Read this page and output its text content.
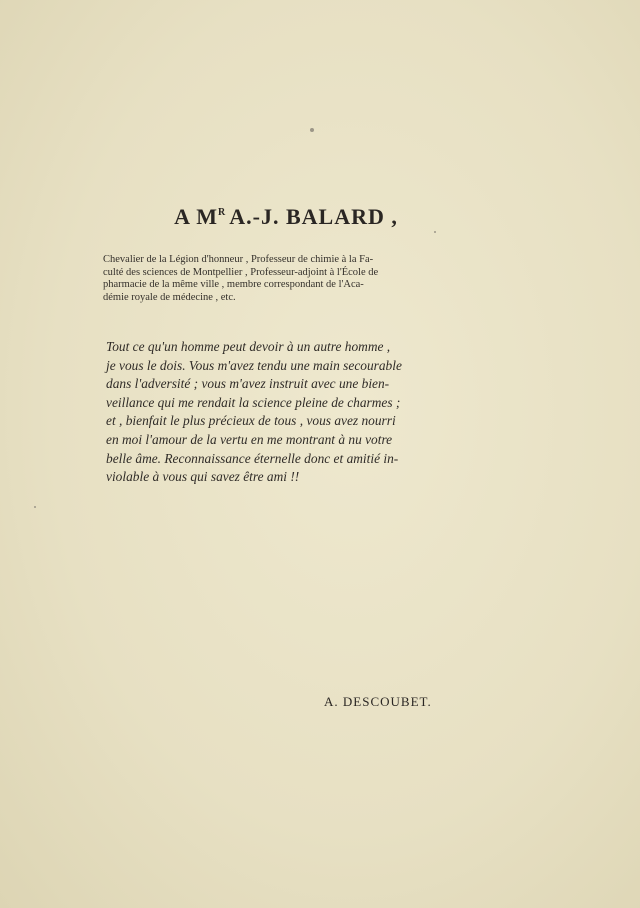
A $M^R$ A.-J. BALARD ,
Chevalier de la Légion d'honneur , Professeur de chimie à la Fa-
culté des sciences de Montpellier , Professeur-adjoint à l'École de
pharmacie de la même ville , membre correspondant de l'Aca-
démie royale de médecine , etc.
Tout ce qu'un homme peut devoir à un autre homme ,
je vous le dois. Vous m'avez tendu une main secourable
dans l'adversité ; vous m'avez instruit avec une bien-
veillance qui me rendait la science pleine de charmes ;
et , bienfait le plus précieux de tous , vous avez nourri
en moi l'amour de la vertu en me montrant à nu votre
belle âme. Reconnaissance éternelle donc et amitié in-
violable à vous qui savez être ami !!
A. DESCOUBET.
